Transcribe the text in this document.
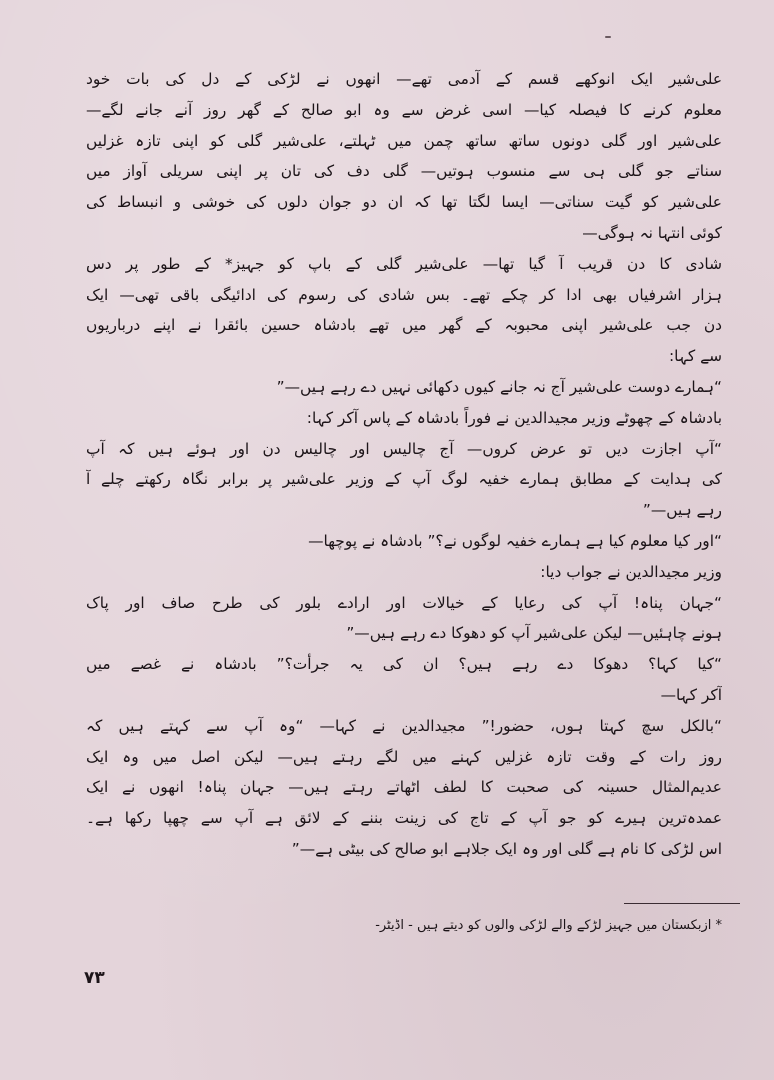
علی‌شیر ایک انوکھے قسم کے آدمی تھے— انھوں نے لڑکی کے دل کی بات خود
معلوم کرنے کا فیصلہ کیا— اسی غرض سے وہ ابو صالح کے گھر روز آنے جانے لگے—
علی‌شیر اور گلی دونوں ساتھ ساتھ چمن میں ٹہلتے، علی‌شیر گلی کو اپنی تازہ غزلیں
سناتے جو گلی ہی سے منسوب ہوتیں— گلی دف کی تان پر اپنی سریلی آواز میں
علی‌شیر کو گیت سناتی— ایسا لگتا تھا کہ ان دو جوان دلوں کی خوشی و انبساط کی
کوئی انتہا نہ ہوگی—
شادی کا دن قریب آ گیا تھا— علی‌شیر گلی کے باپ کو جہیز* کے طور پر دس
ہزار اشرفیاں بھی ادا کر چکے تھے۔ بس شادی کی رسوم کی ادائیگی باقی تھی— ایک
دن جب علی‌شیر اپنی محبوبہ کے گھر میں تھے بادشاہ حسین بائقرا نے اپنے درباریوں
سے کہا:
“ہمارے دوست علی‌شیر آج نہ جانے کیوں دکھائی نہیں دے رہے ہیں—”
بادشاہ کے چھوٹے وزیر مجیدالدین نے فوراً بادشاہ کے پاس آکر کہا:
“آپ اجازت دیں تو عرض کروں— آج چالیس اور چالیس دن اور ہوئے ہیں کہ آپ
کی ہدایت کے مطابق ہمارے خفیہ لوگ آپ کے وزیر علی‌شیر پر برابر نگاہ رکھتے چلے آ
رہے ہیں—”
“اور کیا معلوم کیا ہے ہمارے خفیہ لوگوں نے؟” بادشاہ نے پوچھا—
وزیر مجیدالدین نے جواب دیا:
“جہان پناہ! آپ کی رعایا کے خیالات اور ارادے بلور کی طرح صاف اور پاک
ہونے چاہئیں— لیکن علی‌شیر آپ کو دھوکا دے رہے ہیں—”
“کیا کہا؟ دھوکا دے رہے ہیں؟ ان کی یہ جرأت؟” بادشاہ نے غصے میں
آکر کہا—
“بالکل سچ کہتا ہوں، حضور!” مجیدالدین نے کہا— “وہ آپ سے کہتے ہیں کہ
روز رات کے وقت تازہ غزلیں کہنے میں لگے رہتے ہیں— لیکن اصل میں وہ ایک
عدیم‌المثال حسینہ کی صحبت کا لطف اٹھاتے رہتے ہیں— جہان پناہ! انھوں نے ایک
عمدہ‌ترین ہیرے کو جو آپ کے تاج کی زینت بننے کے لائق ہے آپ سے چھپا رکھا ہے۔
اس لڑکی کا نام ہے گلی اور وہ ایک جلاہے ابو صالح کی بیٹی ہے—”
* ازبکستان میں جہیز لڑکے والے لڑکی والوں کو دیتے ہیں - اڈیٹر-
۷۳
